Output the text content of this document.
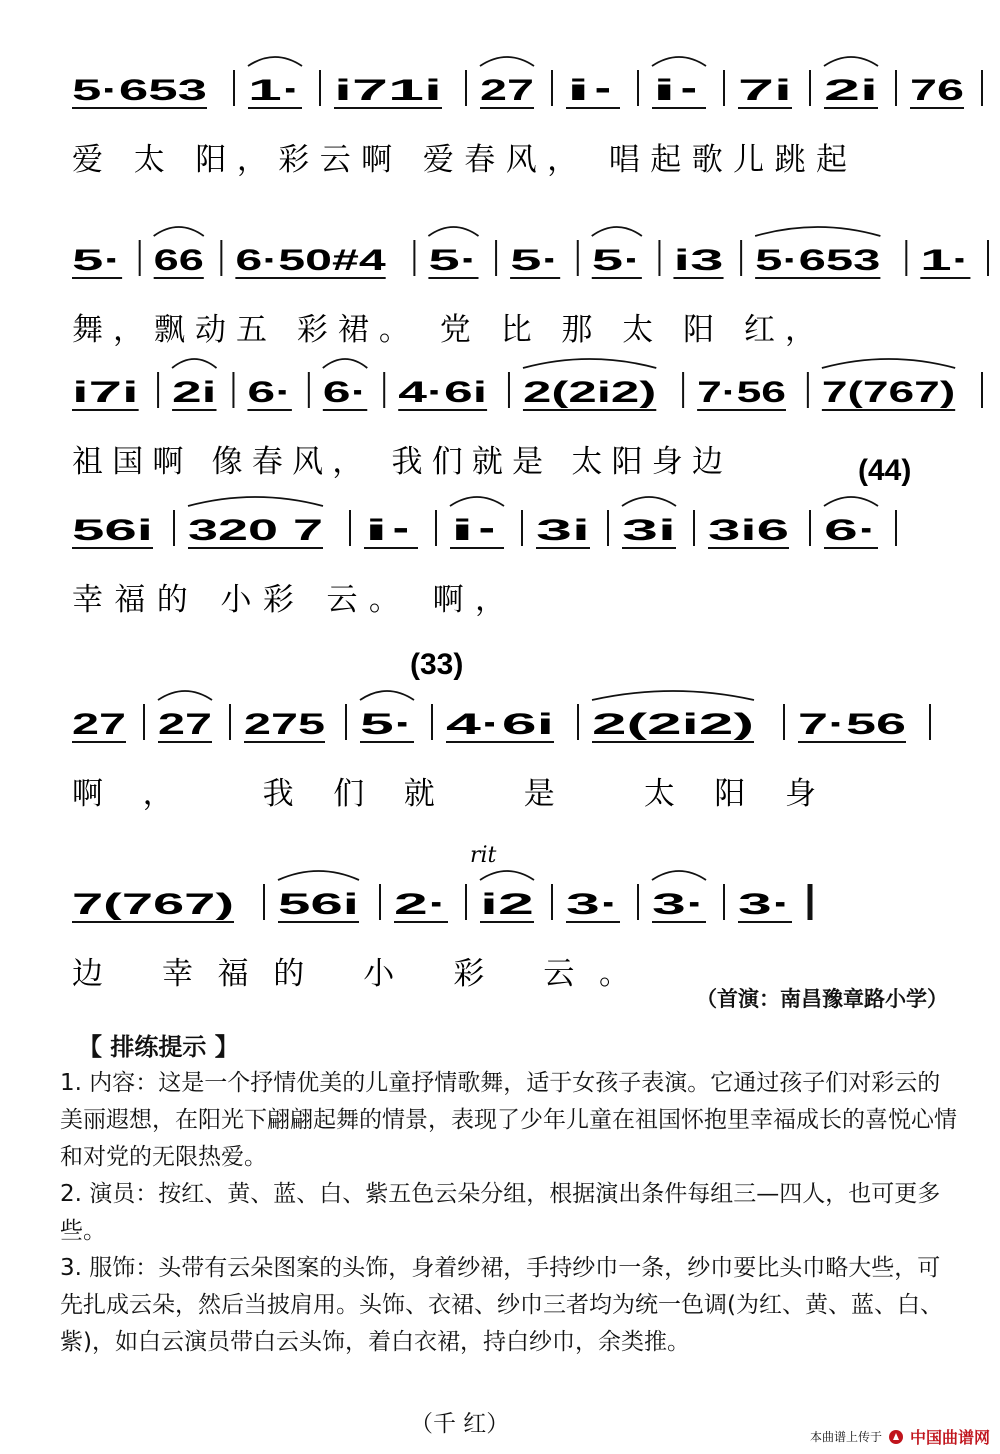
5·653 1· i71i 27 i· i· 7i 2i 76
爱 太 阳，彩云啊 爱春风， 唱起歌儿跳起
5· 66 6·50#4 5· 5· 5· i3 5·653 1·
舞，飘动五 彩裙。 党 比 那 太 阳 红，
i7i 2i 6· 6· 4·6i 2(2i2) 7·56 7(767)
祖国啊 像春风， 我们就是 太阳身边
56i 320 7 i· i· 3i 3i 3i6 6·
(44)
幸福的 小彩 云。 啊，
27 27 275 5· 4·6i 2(2i2) 7·56
(33)
啊， 我们就 是 太阳身
7(767) 56i 2· i2 3· 3· 3·
rit
边 幸福的 小 彩 云。
（首演：南昌豫章路小学）
【 排练提示 】

1. 内容：这是一个抒情优美的儿童抒情歌舞，适于女孩子表演。它通过孩子们对彩云的美丽遐想，在阳光下翩翩起舞的情景，表现了少年儿童在祖国怀抱里幸福成长的喜悦心情和对党的无限热爱。

2. 演员：按红、黄、蓝、白、紫五色云朵分组，根据演出条件每组三—四人，也可更多些。

3. 服饰：头带有云朵图案的头饰，身着纱裙，手持纱巾一条，纱巾要比头巾略大些，可先扎成云朵，然后当披肩用。头饰、衣裙、纱巾三者均为统一色调(为红、黄、蓝、白、紫)，如白云演员带白云头饰，着白衣裙，持白纱巾，余类推。

（千 红）	本曲谱上传于 中国曲谱网
